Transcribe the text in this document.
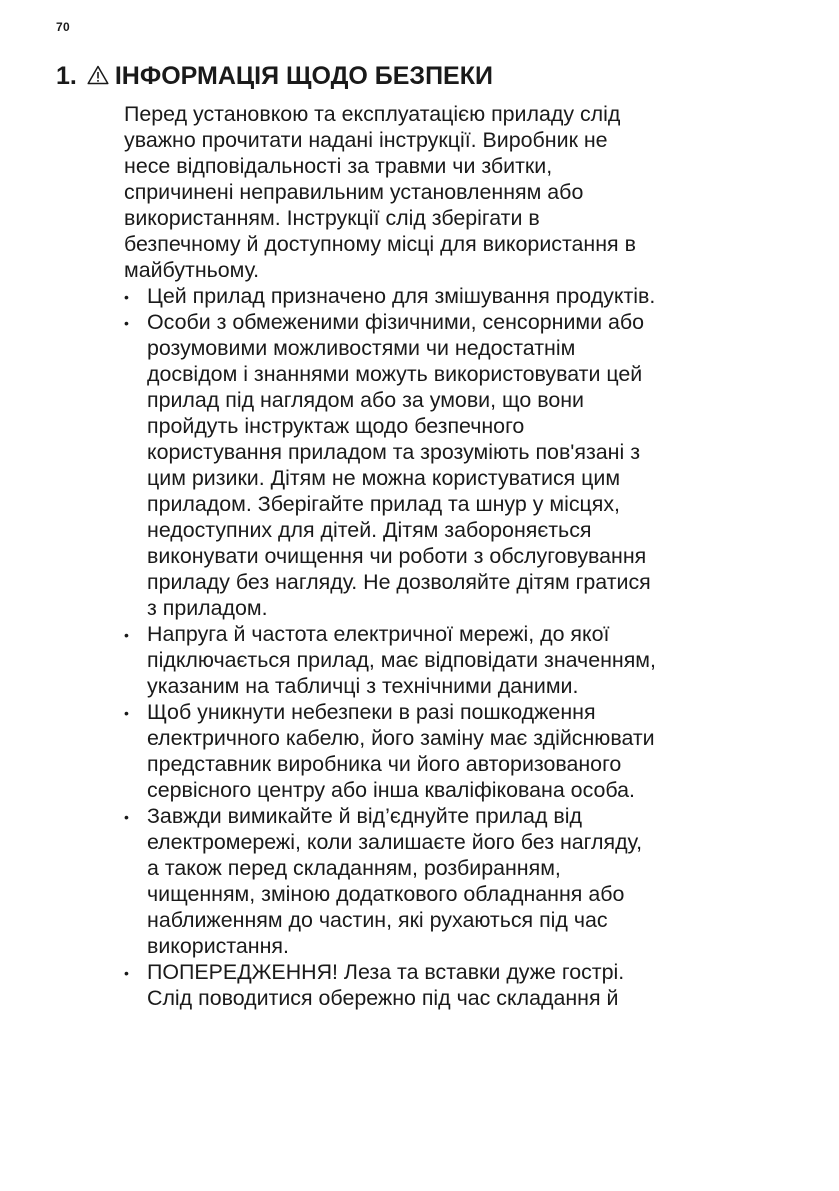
70
1. ІНФОРМАЦІЯ ЩОДО БЕЗПЕКИ

Перед установкою та експлуатацією приладу слід
уважно прочитати надані інструкції. Виробник не
несе відповідальності за травми чи збитки,
спричинені неправильним установленням або
використанням. Інструкції слід зберігати в
безпечному й доступному місці для використання в
майбутньому.

• Цей прилад призначено для змішування продуктів.
• Особи з обмеженими фізичними, сенсорними або
розумовими можливостями чи недостатнім
досвідом і знаннями можуть використовувати цей
прилад під наглядом або за умови, що вони
пройдуть інструктаж щодо безпечного
користування приладом та зрозуміють пов'язані з
цим ризики. Дітям не можна користуватися цим
приладом. Зберігайте прилад та шнур у місцях,
недоступних для дітей. Дітям забороняється
виконувати очищення чи роботи з обслуговування
приладу без нагляду. Не дозволяйте дітям гратися
з приладом.
• Напруга й частота електричної мережі, до якої
підключається прилад, має відповідати значенням,
указаним на табличці з технічними даними.
• Щоб уникнути небезпеки в разі пошкодження
електричного кабелю, його заміну має здійснювати
представник виробника чи його авторизованого
сервісного центру або інша кваліфікована особа.
• Завжди вимикайте й від’єднуйте прилад від
електромережі, коли залишаєте його без нагляду,
а також перед складанням, розбиранням,
чищенням, зміною додаткового обладнання або
наближенням до частин, які рухаються під час
використання.
• ПОПЕРЕДЖЕННЯ! Леза та вставки дуже гострі.
Слід поводитися обережно під час складання й
